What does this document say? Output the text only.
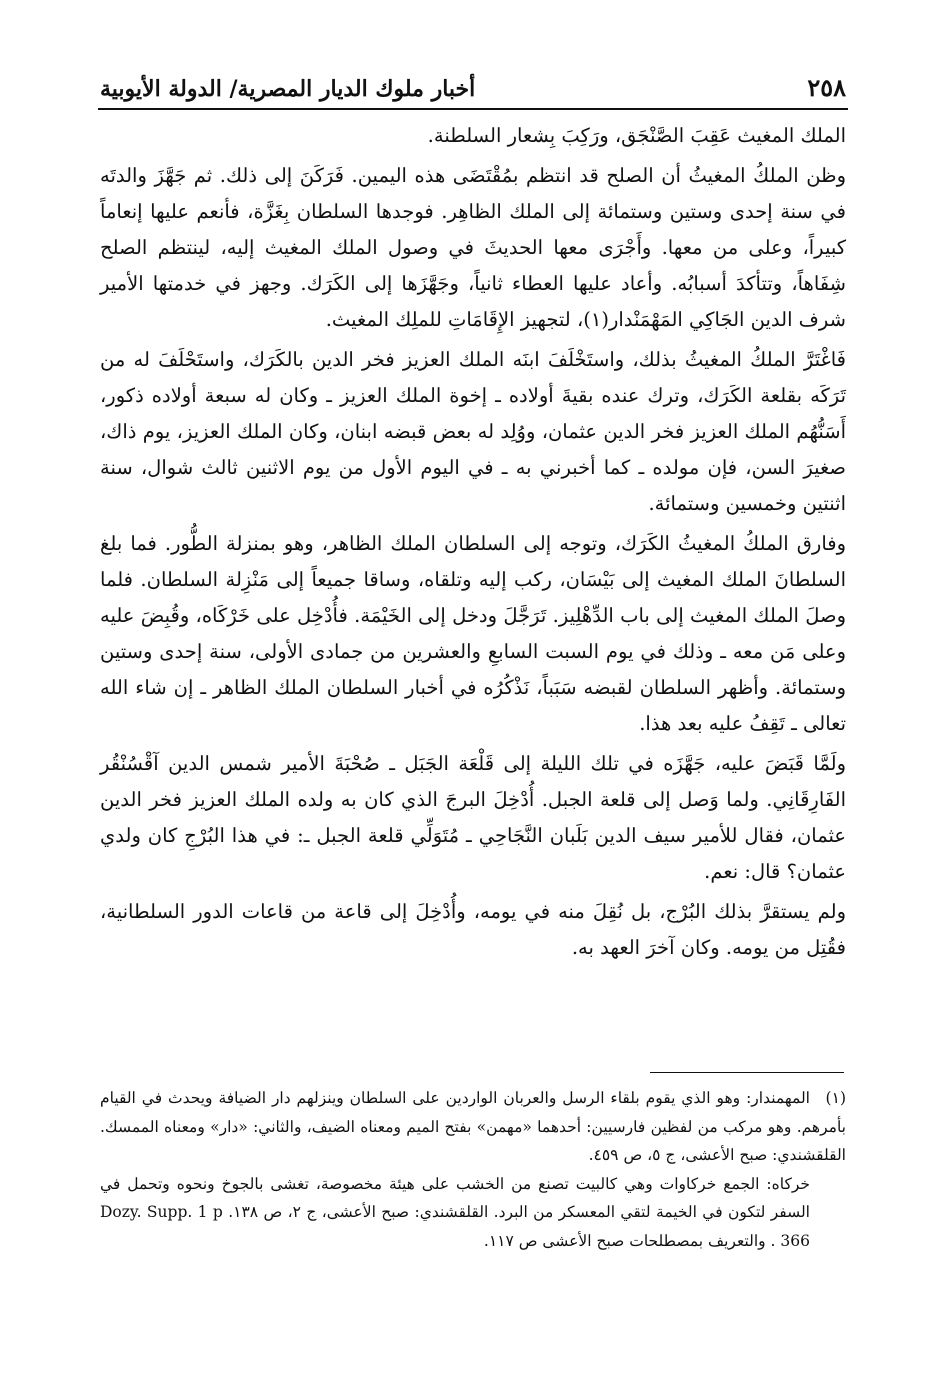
٢٥٨
أخبار ملوك الديار المصرية/ الدولة الأيوبية

الملك المغيث عَقِبَ الصَّنْجَق، ورَكِبَ بِشعار السلطنة.

وظن الملكُ المغيثُ أن الصلح قد انتظم بمُقْتَضَى هذه اليمين. فَرَكَنَ إلى ذلك. ثم جَهَّزَ والدتَه في سنة إحدى وستين وستمائة إلى الملك الظاهِر. فوجدها السلطان بِغَزَّة، فأنعم عليها إنعاماً كبيراً، وعلى من معها. وأَجْرَى معها الحديثَ في وصول الملك المغيث إليه، لينتظم الصلح شِفَاهاً، وتتأكدَ أسبابُه. وأعاد عليها العطاء ثانياً، وجَهَّزَها إلى الكَرَك. وجهز في خدمتها الأمير شرف الدين الجَاكِي المَهْمَنْدار(١)، لتجهيز الإِقَامَاتِ للملِك المغيث.

فَاغْتَرَّ الملكُ المغيثُ بذلك، واستَخْلَفَ ابنَه الملك العزيز فخر الدين بالكَرَك، واستَحْلَفَ له من تَرَكَه بقلعة الكَرَك، وترك عنده بقيةَ أولاده ـ إخوة الملك العزيز ـ وكان له سبعة أولاده ذكور، أَسَنُّهُم الملك العزيز فخر الدين عثمان، ووُلِد له بعض قبضه ابنان، وكان الملك العزيز، يوم ذاك، صغيرَ السن، فإن مولده ـ كما أخبرني به ـ في اليوم الأول من يوم الاثنين ثالث شوال، سنة اثنتين وخمسين وستمائة.

وفارق الملكُ المغيثُ الكَرَك، وتوجه إلى السلطان الملك الظاهر، وهو بمنزلة الطُّور. فما بلغ السلطانَ الملك المغيث إلى بَيْسَان، ركب إليه وتلقاه، وساقا جميعاً إلى مَنْزِلة السلطان. فلما وصلَ الملك المغيث إلى باب الدِّهْلِيز. تَرَجَّلَ ودخل إلى الخَيْمَة. فأُدْخِل على خَرْكَاه، وقُبِضَ عليه وعلى مَن معه ـ وذلك في يوم السبت السابعِ والعشرين من جمادى الأولى، سنة إحدى وستين وستمائة. وأظهر السلطان لقبضه سَبَباً، نَذْكُرُه في أخبار السلطان الملك الظاهر ـ إن شاء الله تعالى ـ تَقِفُ عليه بعد هذا.

ولَمَّا قَبَضَ عليه، جَهَّزَه في تلك الليلة إلى قَلْعَة الجَبَل ـ صُحْبَةَ الأمير شمس الدين آقْسُنْقُر الفَارِقَانِي. ولما وَصل إلى قلعة الجبل. أُدْخِلَ البرجَ الذي كان به ولده الملك العزيز فخر الدين عثمان، فقال للأمير سيف الدين بَلَبان النَّجَاحِي ـ مُتَوَلِّي قلعة الجبل ـ: في هذا البُرْجِ كان ولدي عثمان؟ قال: نعم.

ولم يستقرَّ بذلك البُرْج، بل نُقِلَ منه في يومه، وأُدْخِلَ إلى قاعة من قاعات الدور السلطانية، فقُتِل من يومه. وكان آخرَ العهد به.

(١)المهمندار: وهو الذي يقوم بلقاء الرسل والعربان الواردين على السلطان وينزلهم دار الضيافة ويحدث في القيام بأمرهم. وهو مركب من لفظين فارسيين: أحدهما «مهمن» بفتح الميم ومعناه الضيف، والثاني: «دار» ومعناه الممسك. القلقشندي: صبح الأعشى، ج ٥، ص ٤٥٩.

خركاه: الجمع خركاوات وهي كالبيت تصنع من الخشب على هيئة مخصوصة، تغشى بالجوخ ونحوه وتحمل في السفر لتكون في الخيمة لتقي المعسكر من البرد. القلقشندي: صبح الأعشى، ج ٢، ص ١٣٨. Dozy. Supp. 1 p 366 . والتعريف بمصطلحات صبح الأعشى ص ١١٧.
